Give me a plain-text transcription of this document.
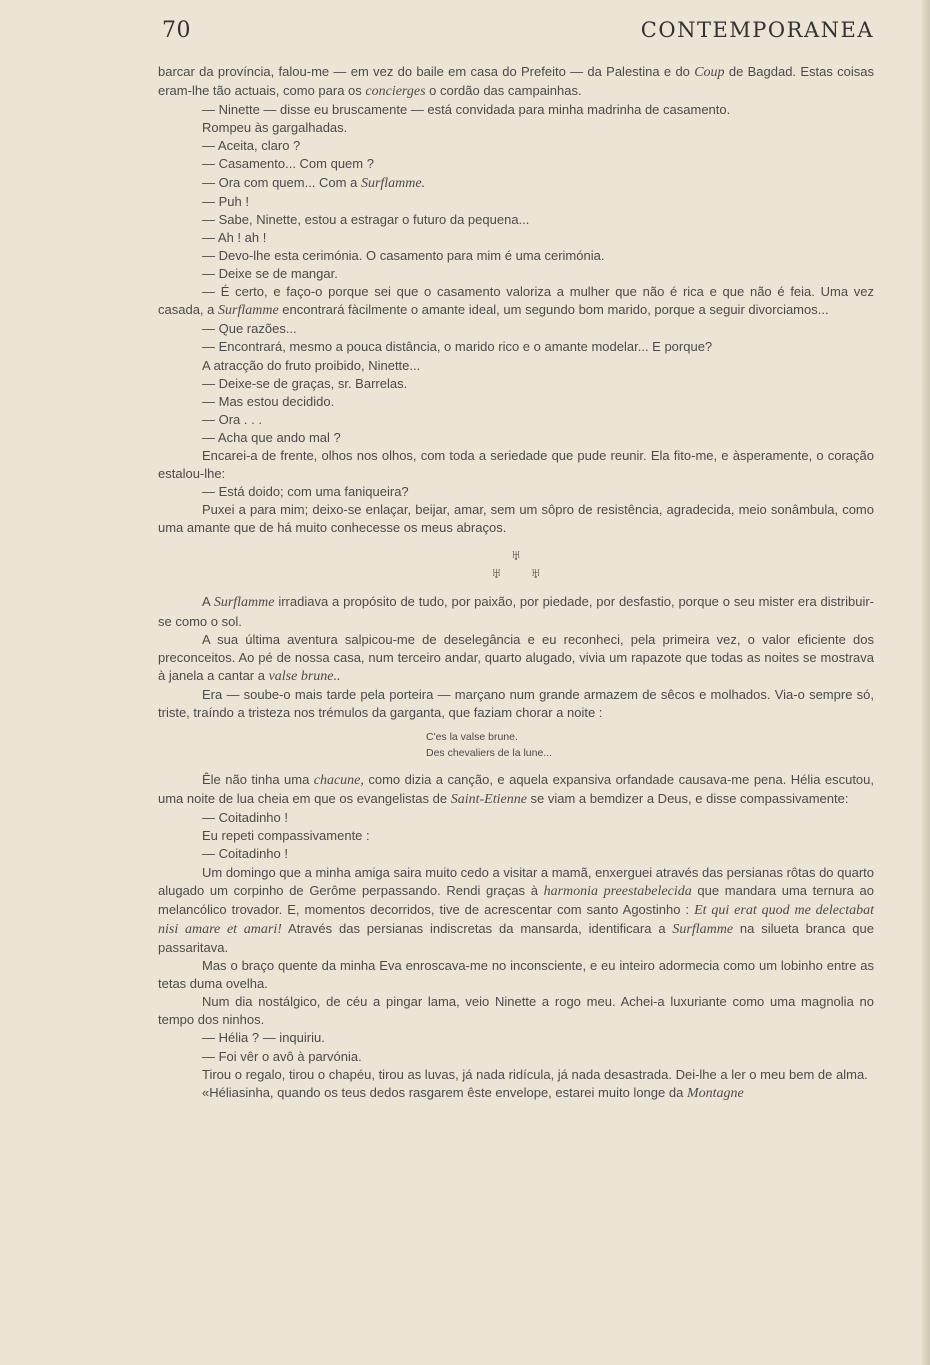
70	CONTEMPORANEA

barcar da província, falou-me — em vez do baile em casa do Prefeito — da Palestina e do Coup de Bagdad. Estas coisas eram-lhe tão actuais, como para os concierges o cordão das campainhas.

— Ninette — disse eu bruscamente — está convidada para minha madrinha de casamento.

Rompeu às gargalhadas.

— Aceita, claro ?

— Casamento... Com quem ?

— Ora com quem... Com a Surflamme.

— Puh !

— Sabe, Ninette, estou a estragar o futuro da pequena...

— Ah ! ah !

— Devo-lhe esta cerimónia. O casamento para mim é uma cerimónia.

— Deixe se de mangar.

— É certo, e faço-o porque sei que o casamento valoriza a mulher que não é rica e que não é feia. Uma vez casada, a Surflamme encontrará fàcilmente o amante ideal, um segundo bom marido, porque a seguir divorciamos...

— Que razões...

— Encontrará, mesmo a pouca distância, o marido rico e o amante modelar... E porque?

A atracção do fruto proibido, Ninette...

— Deixe-se de graças, sr. Barrelas.

— Mas estou decidido.

— Ora . . .

— Acha que ando mal ?

Encarei-a de frente, olhos nos olhos, com toda a seriedade que pude reunir. Ela fito-me, e àsperamente, o coração estalou-lhe:

— Está doido; com uma faniqueira?

Puxei a para mim; deixo-se enlaçar, beijar, amar, sem um sôpro de resistência, agradecida, meio sonâmbula, como uma amante que de há muito conhecesse os meus abraços.

♅
♅ ♅

A Surflamme irradiava a propósito de tudo, por paixão, por piedade, por desfastio, porque o seu mister era distribuir-se como o sol.

A sua última aventura salpicou-me de deselegância e eu reconheci, pela primeira vez, o valor eficiente dos preconceitos. Ao pé de nossa casa, num terceiro andar, quarto alugado, vivia um rapazote que todas as noites se mostrava à janela a cantar a valse brune..

Era — soube-o mais tarde pela porteira — marçano num grande armazem de sêcos e molhados. Via-o sempre só, triste, traíndo a tristeza nos trémulos da garganta, que faziam chorar a noite :

C'es la valse brune.
Des chevaliers de la lune...

Êle não tinha uma chacune, como dizia a canção, e aquela expansiva orfandade causava-me pena. Hélia escutou, uma noite de lua cheia em que os evangelistas de Saint-Etienne se viam a bemdizer a Deus, e disse compassivamente:

— Coitadinho !

Eu repeti compassivamente :

— Coitadinho !

Um domingo que a minha amiga saira muito cedo a visitar a mamã, enxerguei através das persianas rôtas do quarto alugado um corpinho de Gerôme perpassando. Rendi graças à harmonia preestabelecida que mandara uma ternura ao melancólico trovador. E, momentos decorridos, tive de acrescentar com santo Agostinho : Et qui erat quod me delectabat nisi amare et amari! Através das persianas indiscretas da mansarda, identificara a Surflamme na silueta branca que passaritava.

Mas o braço quente da minha Eva enroscava-me no inconsciente, e eu inteiro adormecia como um lobinho entre as tetas duma ovelha.

Num dia nostálgico, de céu a pingar lama, veio Ninette a rogo meu. Achei-a luxuriante como uma magnolia no tempo dos ninhos.

— Hélia ? — inquiriu.

— Foi vêr o avô à parvónia.

Tirou o regalo, tirou o chapéu, tirou as luvas, já nada ridícula, já nada desastrada. Dei-lhe a ler o meu bem de alma.

«Héliasinha, quando os teus dedos rasgarem êste envelope, estarei muito longe da Montagne
